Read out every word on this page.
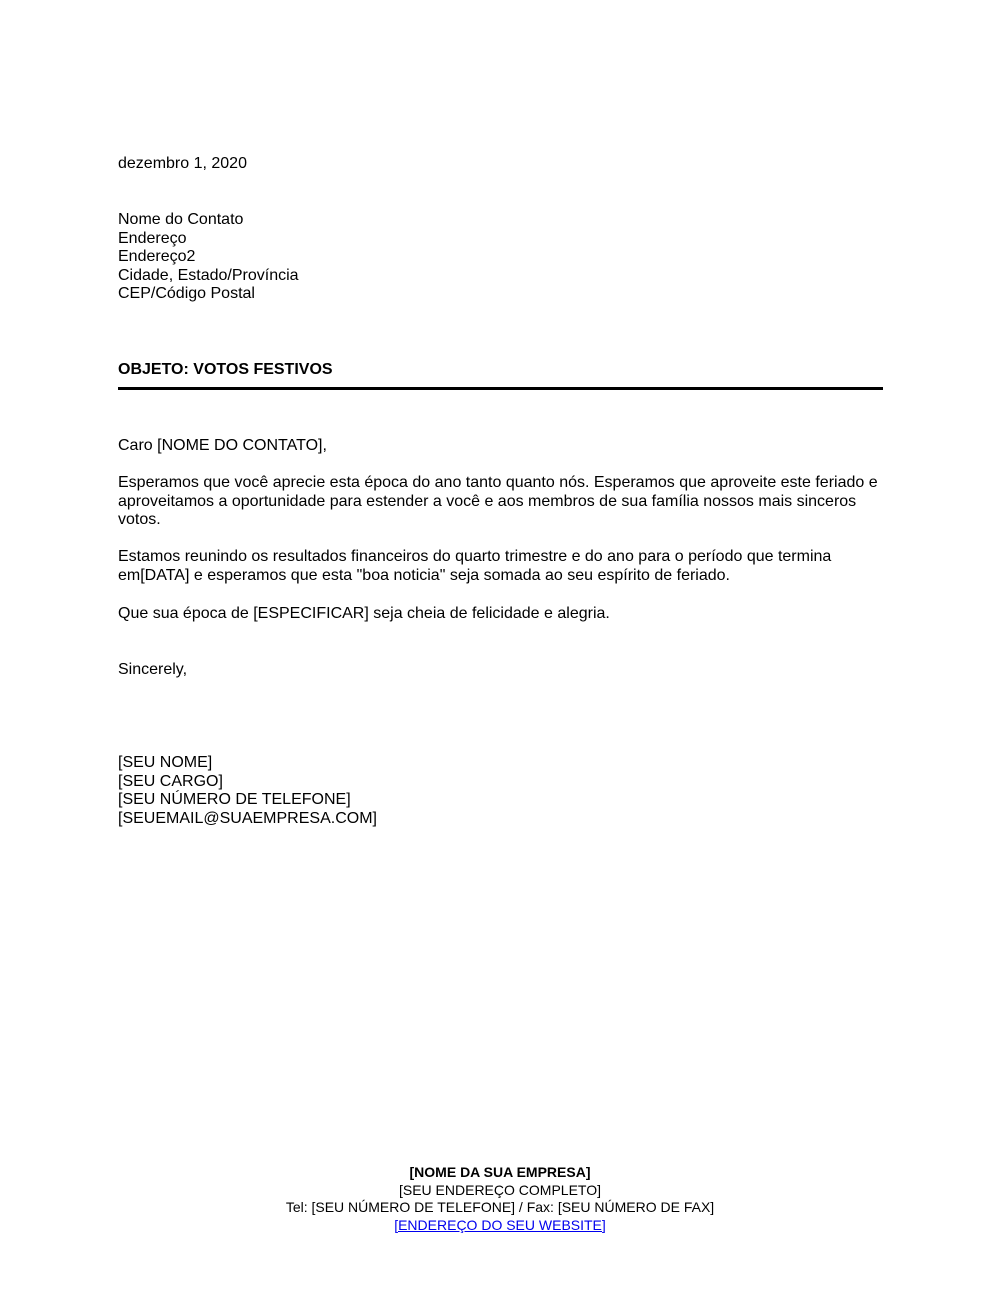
dezembro 1, 2020
Nome do Contato
Endereço
Endereço2
Cidade, Estado/Província
CEP/Código Postal
OBJETO: VOTOS FESTIVOS
Caro [NOME DO CONTATO],
Esperamos que você aprecie esta época do ano tanto quanto nós. Esperamos que aproveite este feriado e aproveitamos a oportunidade para estender a você e aos membros de sua família nossos mais sinceros votos.
Estamos reunindo os resultados financeiros do quarto trimestre e do ano para o período que termina em[DATA] e esperamos que esta "boa noticia" seja somada ao seu espírito de feriado.
Que sua época de [ESPECIFICAR] seja cheia de felicidade e alegria.
Sincerely,
[SEU NOME]
[SEU CARGO]
[SEU NÚMERO DE TELEFONE]
[SEUEMAIL@SUAEMPRESA.COM]
[NOME DA SUA EMPRESA]
[SEU ENDEREÇO COMPLETO]
Tel: [SEU NÚMERO DE TELEFONE] / Fax: [SEU NÚMERO DE FAX]
[ENDEREÇO DO SEU WEBSITE]
